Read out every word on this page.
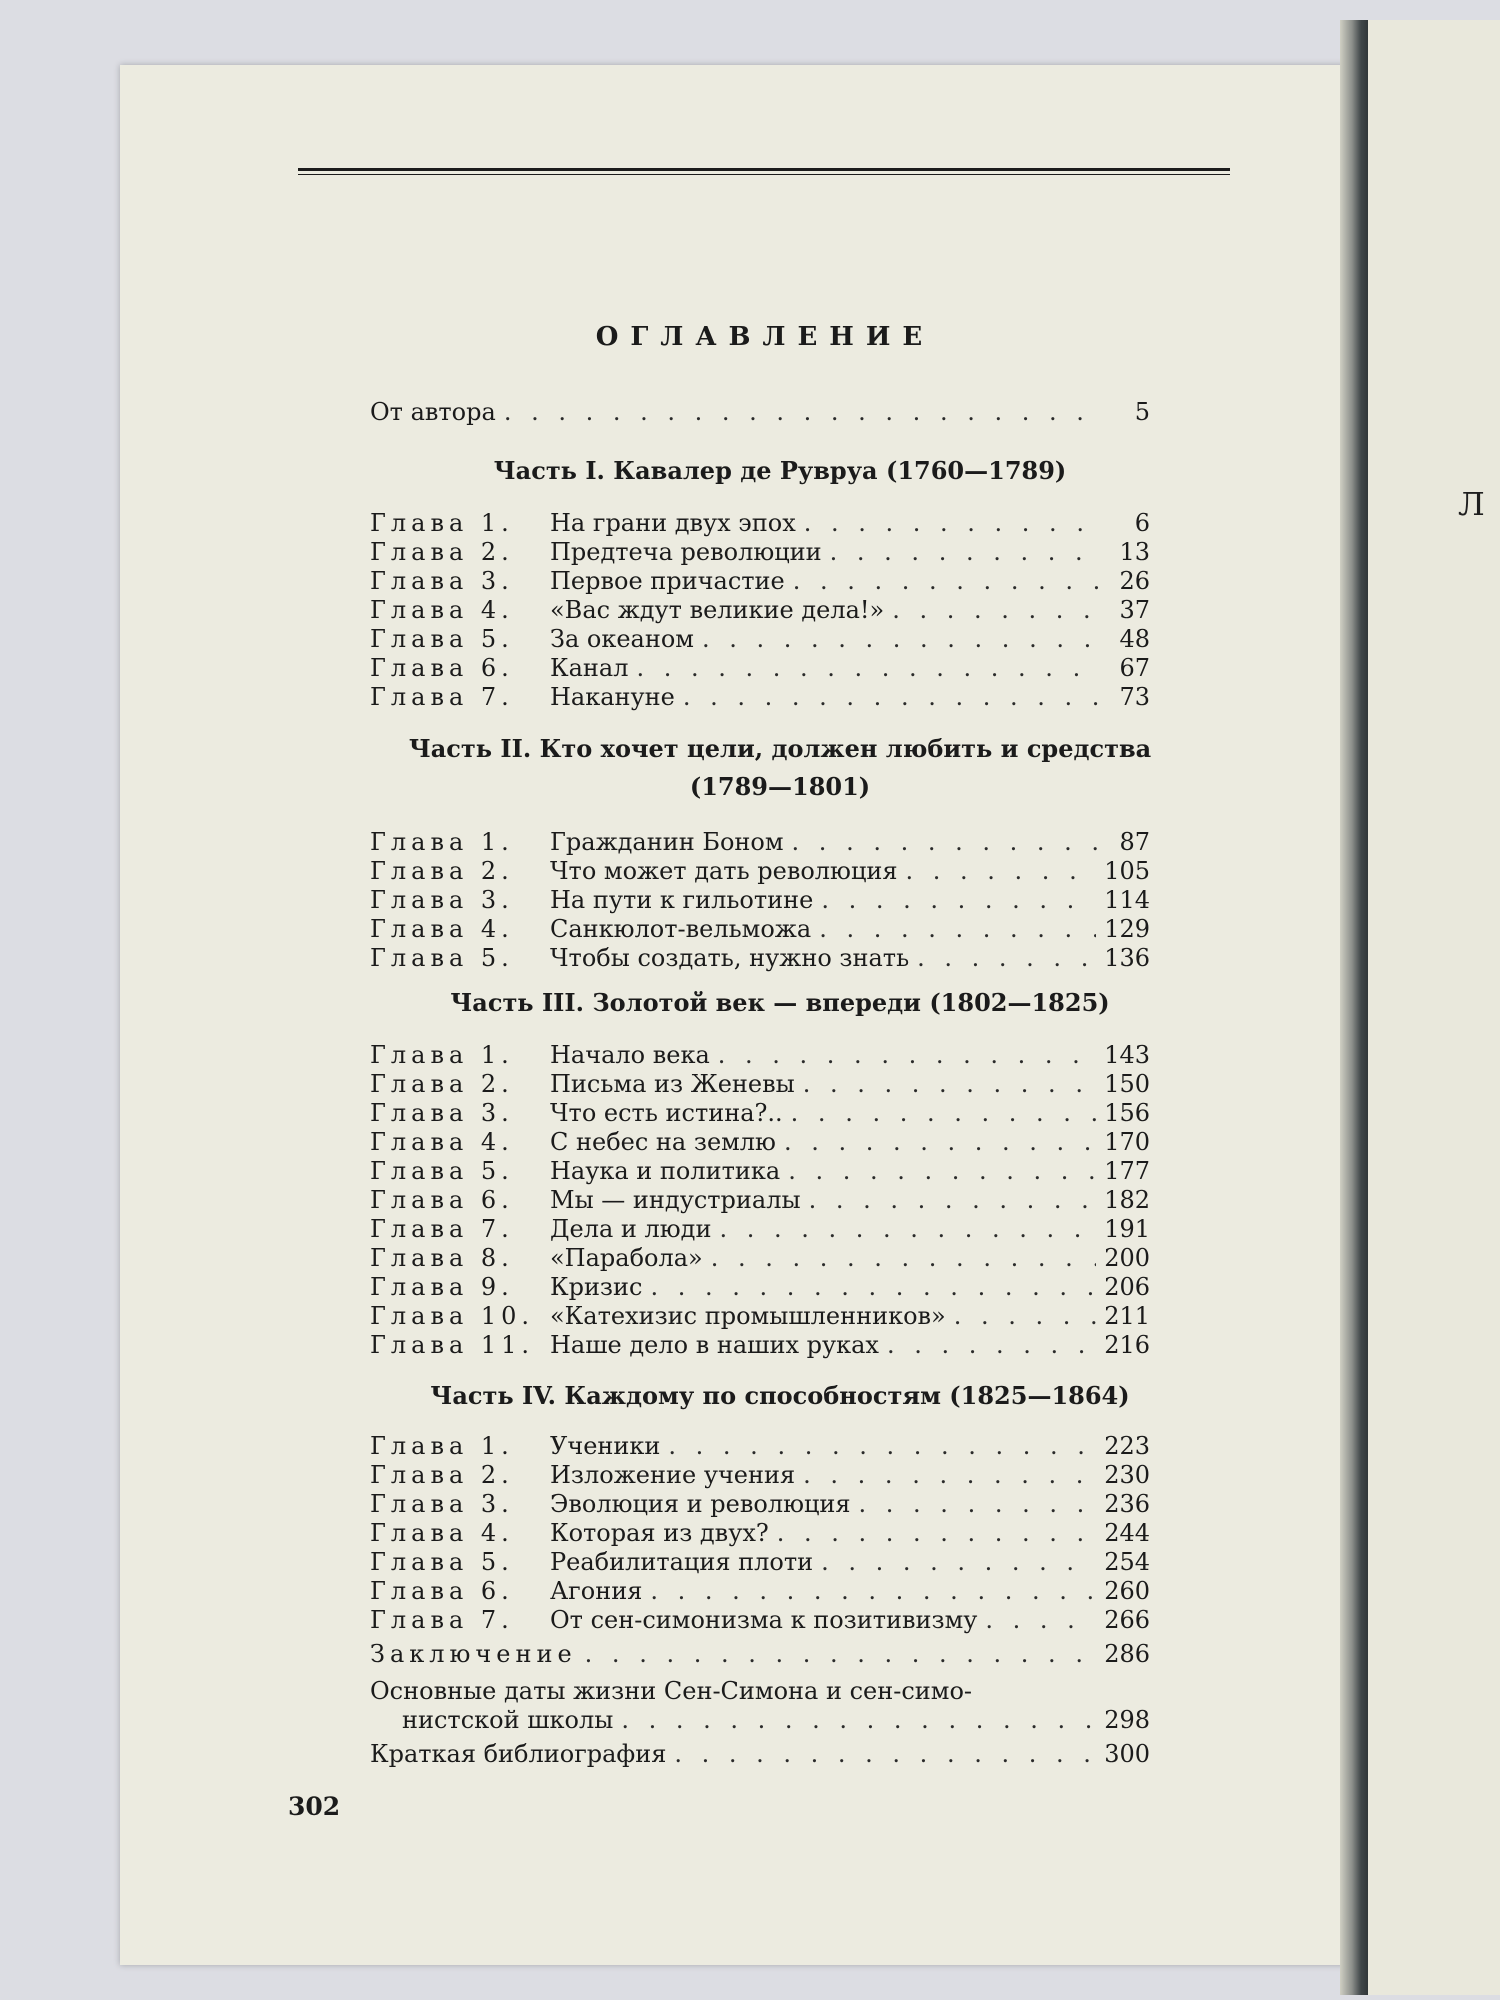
Л
ОГЛАВЛЕНИЕ
От автора . . .	5
Часть I. Кавалер де Рувруа (1760—1789)
Часть II. Кто хочет цели, должен любить и средства
(1789—1801)
Часть III. Золотой век — впереди (1802—1825)
Часть IV. Каждому по способностям (1825—1864)
Глава 1.	На грани двух эпох . . .	6
Глава 2.	Предтеча революции . . .	13
Глава 3.	Первое причастие . . .	26
Глава 4.	«Вас ждут великие дела!» . . .	37
Глава 5.	За океаном . . .	48
Глава 6.	Канал . . .	67
Глава 7.	Накануне . . .	73
Глава 1.	Гражданин Боном . . .	87
Глава 2.	Что может дать революция . . .	105
Глава 3.	На пути к гильотине . . .	114
Глава 4.	Санкюлот-вельможа . . .	129
Глава 5.	Чтобы создать, нужно знать . . .	136
Глава 1.	Начало века . . .	143
Глава 2.	Письма из Женевы . . .	150
Глава 3.	Что есть истина?.. . . .	156
Глава 4.	С небес на землю . . .	170
Глава 5.	Наука и политика . . .	177
Глава 6.	Мы — индустриалы . . .	182
Глава 7.	Дела и люди . . .	191
Глава 8.	«Парабола» . . .	200
Глава 9.	Кризис . . .	206
Глава 10. «Катехизис промышленников» . . .	211
Глава 11. Наше дело в наших руках . . .	216
Глава 1.	Ученики . . .	223
Глава 2.	Изложение учения . . .	230
Глава 3.	Эволюция и революция . . .	236
Глава 4.	Которая из двух? . . .	244
Глава 5.	Реабилитация плоти . . .	254
Глава 6.	Агония . . .	260
Глава 7.	От сен-симонизма к позитивизму . . .	266
Заключение . . .	286
Основные даты жизни Сен-Симона и сен-симо-
нистской школы . . .	298
Краткая библиография . . .	300
302
